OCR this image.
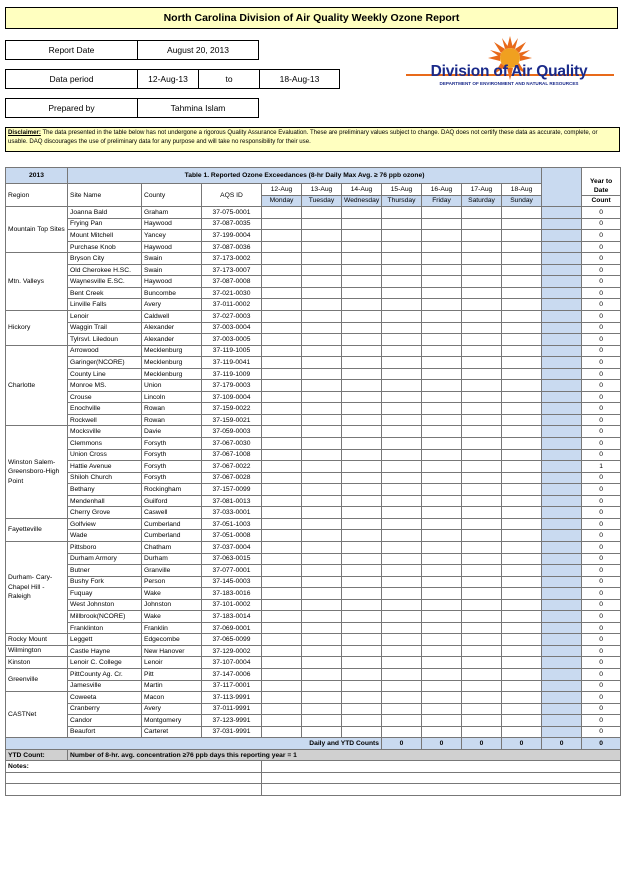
North Carolina Division of Air Quality Weekly Ozone Report
Report Date	August 20, 2013
Data period	12-Aug-13	to	18-Aug-13
Prepared by	Tahmina Islam
Division of Air Quality
DEPARTMENT OF ENVIRONMENT AND NATURAL RESOURCES
Disclaimer: The data presented in the table below has not undergone a rigorous Quality Assurance Evaluation. These are preliminary values subject to change. DAQ does not certify these data as accurate, complete, or usable. DAQ discourages the use of preliminary data for any purpose and will take no responsibility for their use.
2013	Table 1. Reported Ozone Exceedances (8-hr Daily Max Avg. ≥ 76 ppb ozone)											Year to Date	
Region	Site Name	County	AQS ID	12-Aug	13-Aug	14-Aug	15-Aug	16-Aug	17-Aug	18-Aug			
				Monday	Tuesday	Wednesday	Thursday	Friday	Saturday	Sunday		Count	
Mountain Top Sites	Joanna Bald	Graham	37-075-0001									0	
	Frying Pan	Haywood	37-087-0035									0	
	Mount Mitchell	Yancey	37-199-0004									0	
	Purchase Knob	Haywood	37-087-0036									0	
Mtn. Valleys	Bryson City	Swain	37-173-0002									0	
	Old Cherokee H.SC.	Swain	37-173-0007									0	
	Waynesville E.SC.	Haywood	37-087-0008									0	
	Bent Creek	Buncombe	37-021-0030									0	
	Linville Falls	Avery	37-011-0002									0	
Hickory	Lenoir	Caldwell	37-027-0003									0	
	Waggin Trail	Alexander	37-003-0004									0	
	Tylrsvl. Liledoun	Alexander	37-003-0005									0	
Charlotte	Arrowood	Mecklenburg	37-119-1005									0	
	Garinger(NCORE)	Mecklenburg	37-119-0041									0	
	County Line	Mecklenburg	37-119-1009									0	
	Monroe MS.	Union	37-179-0003									0	
	Crouse	Lincoln	37-109-0004									0	
	Enochville	Rowan	37-159-0022									0	
	Rockwell	Rowan	37-159-0021									0	
Winston Salem-Greensboro-High Point	Mocksville	Davie	37-059-0003									0	
	Clemmons	Forsyth	37-067-0030									0	
	Union Cross	Forsyth	37-067-1008									0	
	Hattie Avenue	Forsyth	37-067-0022									1	
	Shiloh Church	Forsyth	37-067-0028									0	
	Bethany	Rockingham	37-157-0099									0	
	Mendenhall	Guilford	37-081-0013									0	
	Cherry Grove	Caswell	37-033-0001									0	
Fayetteville	Golfview	Cumberland	37-051-1003									0	
	Wade	Cumberland	37-051-0008									0	
Durham- Cary-Chapel Hill - Raleigh	Pittsboro	Chatham	37-037-0004									0	
	Durham Armory	Durham	37-063-0015									0	
	Butner	Granville	37-077-0001									0	
	Bushy Fork	Person	37-145-0003									0	
	Fuquay	Wake	37-183-0016									0	
	West Johnston	Johnston	37-101-0002									0	
	Millbrook(NCORE)	Wake	37-183-0014									0	
	Franklinton	Franklin	37-069-0001									0	
Rocky Mount	Leggett	Edgecombe	37-065-0099									0	
Wilmington	Castle Hayne	New Hanover	37-129-0002									0	
Kinston	Lenoir C. College	Lenoir	37-107-0004									0	
Greenville	PittCounty Ag. Cr.	Pitt	37-147-0006									0	
	Jamesville	Martin	37-117-0001									0	
CASTNet	Coweeta	Macon	37-113-9991									0	
	Cranberry	Avery	37-011-9991									0	
	Candor	Montgomery	37-123-9991									0	
	Beaufort	Carteret	37-031-9991									0	
				Daily and YTD Counts			0	0	0	0	0	0		
YTD Count:	Number of 8-hr. avg. concentration ≥76 ppb days this reporting year = 1												
Notes:													
